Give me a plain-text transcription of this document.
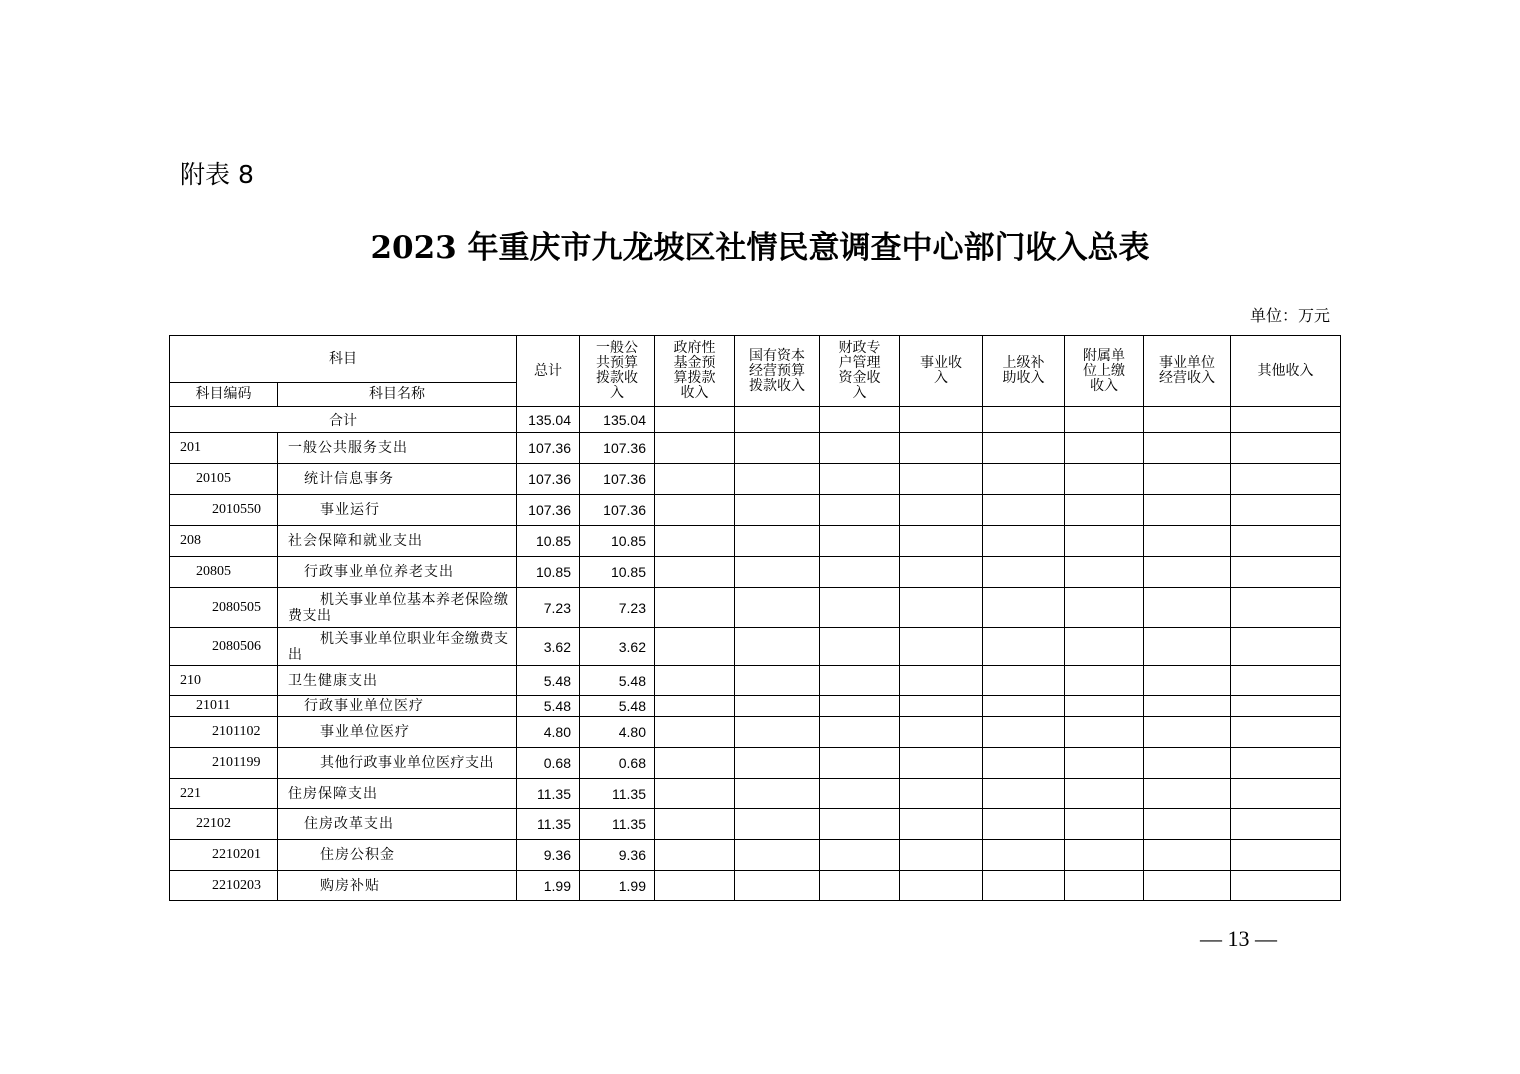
附表 8
2023 年重庆市九龙坡区社情民意调查中心部门收入总表
单位：万元
科目		总计	一般公共预算拨款收入	政府性基金预算拨款收入	国有资本经营预算拨款收入	财政专户管理资金收入	事业收入	上级补助收入	附属单位上缴收入	事业单位经营收入	其他收入
科目编码	科目名称										
合计		135.04	135.04								
201	一般公共服务支出	107.36	107.36								
20105	统计信息事务	107.36	107.36								
2010550	事业运行	107.36	107.36								
208	社会保障和就业支出	10.85	10.85								
20805	行政事业单位养老支出	10.85	10.85								
2080505	机关事业单位基本养老保险缴费支出	7.23	7.23								
2080506	机关事业单位职业年金缴费支出	3.62	3.62								
210	卫生健康支出	5.48	5.48								
21011	行政事业单位医疗	5.48	5.48								
2101102	事业单位医疗	4.80	4.80								
2101199	其他行政事业单位医疗支出	0.68	0.68								
221	住房保障支出	11.35	11.35								
22102	住房改革支出	11.35	11.35								
2210201	住房公积金	9.36	9.36								
2210203	购房补贴	1.99	1.99								
— 13 —
